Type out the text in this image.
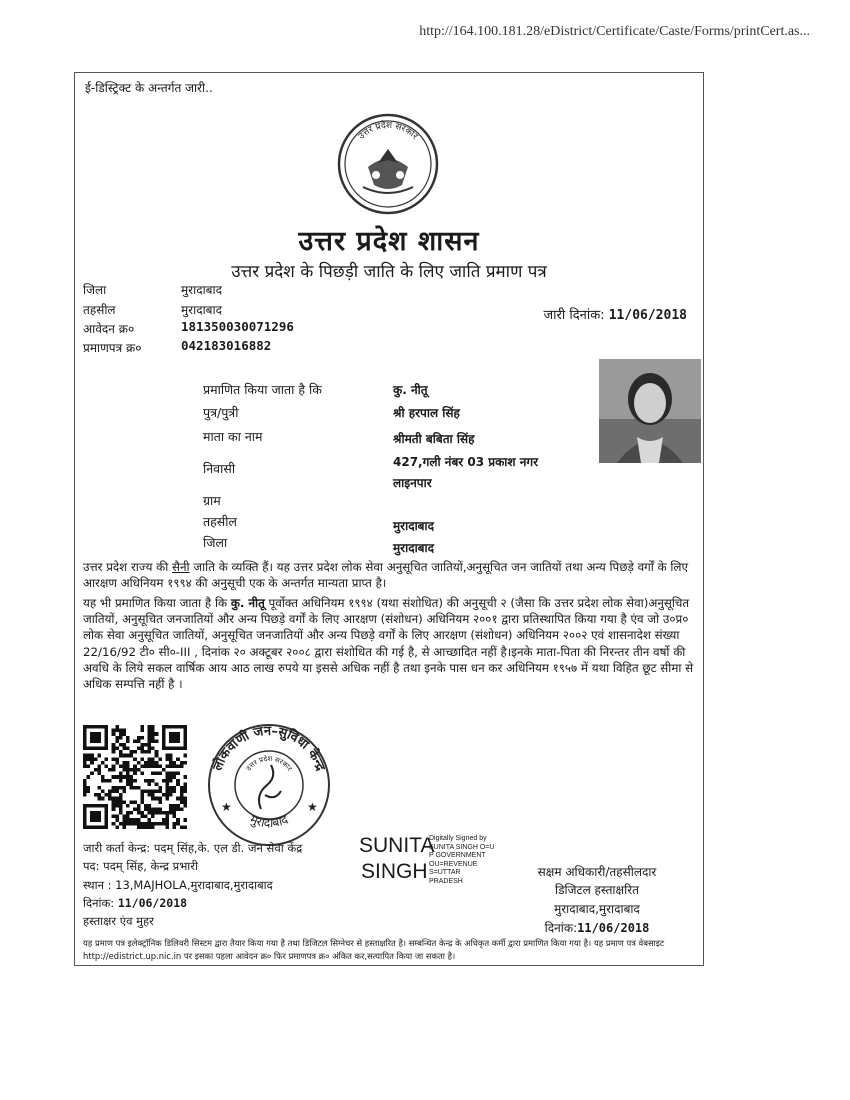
http://164.100.181.28/eDistrict/Certificate/Caste/Forms/printCert.as...
ई-डिस्ट्रिक्ट के अन्तर्गत जारी..
उत्तर प्रदेश सरकार
उत्तर प्रदेश शासन
उत्तर प्रदेश के पिछड़ी जाति के लिए जाति प्रमाण पत्र
जिला	मुरादाबाद
तहसील	मुरादाबाद
आवेदन क्र०	181350030071296
प्रमाणपत्र क्र०	042183016882
जारी दिनांक: 11/06/2018
प्रमाणित किया जाता है कि	कु. नीतू
पुत्र/पुत्री	श्री हरपाल सिंह
माता का नाम	श्रीमती बबिता सिंह
निवासी	427,गली नंबर 03 प्रकाश नगर
लाइनपार
ग्राम
तहसील	मुरादाबाद
जिला	मुरादाबाद
उत्तर प्रदेश राज्य की सैनी जाति के व्यक्ति हैं। यह उत्तर प्रदेश लोक सेवा अनुसूचित जातियों,अनुसूचित जन जातियों तथा अन्य पिछड़े वर्गों के लिए आरक्षण अधिनियम १९९४ की अनुसूची एक के अन्तर्गत मान्यता प्राप्त है।
यह भी प्रमाणित किया जाता है कि कु. नीतू पूर्वोक्त अधिनियम १९९४ (यथा संशोधित) की अनुसूची २ (जैसा कि उत्तर प्रदेश लोक सेवा)अनुसूचित जातियों, अनुसूचित जनजातियों और अन्य पिछड़े वर्गों के लिए आरक्षण (संशोधन) अधिनियम २००१ द्वारा प्रतिस्थापित किया गया है एंव जो उ०प्र० लोक सेवा अनुसूचित जातियों, अनुसूचित जनजातियों और अन्य पिछड़े वर्गों के लिए आरक्षण (संशोधन) अधिनियम २००२ एवं शासनादेश संख्या 22/16/92 टी० सी०-III , दिनांक २० अक्टूबर २००८ द्वारा संशोधित की गई है, से आच्छादित नहीं है।इनके माता-पिता की निरन्तर तीन वर्षो की अवधि के लिये सकल वार्षिक आय आठ लाख रुपये या इससे अधिक नहीं है तथा इनके पास धन कर अधिनियम १९५७ में यथा विहित छूट सीमा से अधिक सम्पत्ति नहीं है ।
लोकवाणी जन–सुविधा केन्द्र
उत्तर प्रदेश सरकार
मुरादाबाद
★	★
जारी कर्ता केन्द्र: पदम् सिंह,के. एल डी. जन सेवा केंद्र
पद: पदम् सिंह, केन्द्र प्रभारी
स्थान : 13,MAJHOLA,मुरादाबाद,मुरादाबाद
दिनांक: 11/06/2018
हस्ताक्षर एंव मुहर
SUNITA
SINGH
Digitally Signed by
SUNITA SINGH O=U
P GOVERNMENT
OU=REVENUE
S=UTTAR
PRADESH
सक्षम अधिकारी/तहसीलदार
डिजिटल हस्ताक्षरित
मुरादाबाद,मुरादाबाद
दिनांक:11/06/2018
यह प्रमाण पत्र इलेक्ट्रॉनिक डिलिवरी सिस्टम द्वारा तैयार किया गया है तथा डिजिटल सिग्नेचर से हस्ताक्षरित है। सम्बन्धित केन्द्र के अधिकृत कर्मी द्वारा प्रमाणित किया गया है। यह प्रमाण पत्र वेबसाइट http://edistrict.up.nic.in पर इसका पहला आवेदन क्र० फिर प्रमाणपत्र क्र० अंकित कर,सत्यापित किया जा सकता है।
